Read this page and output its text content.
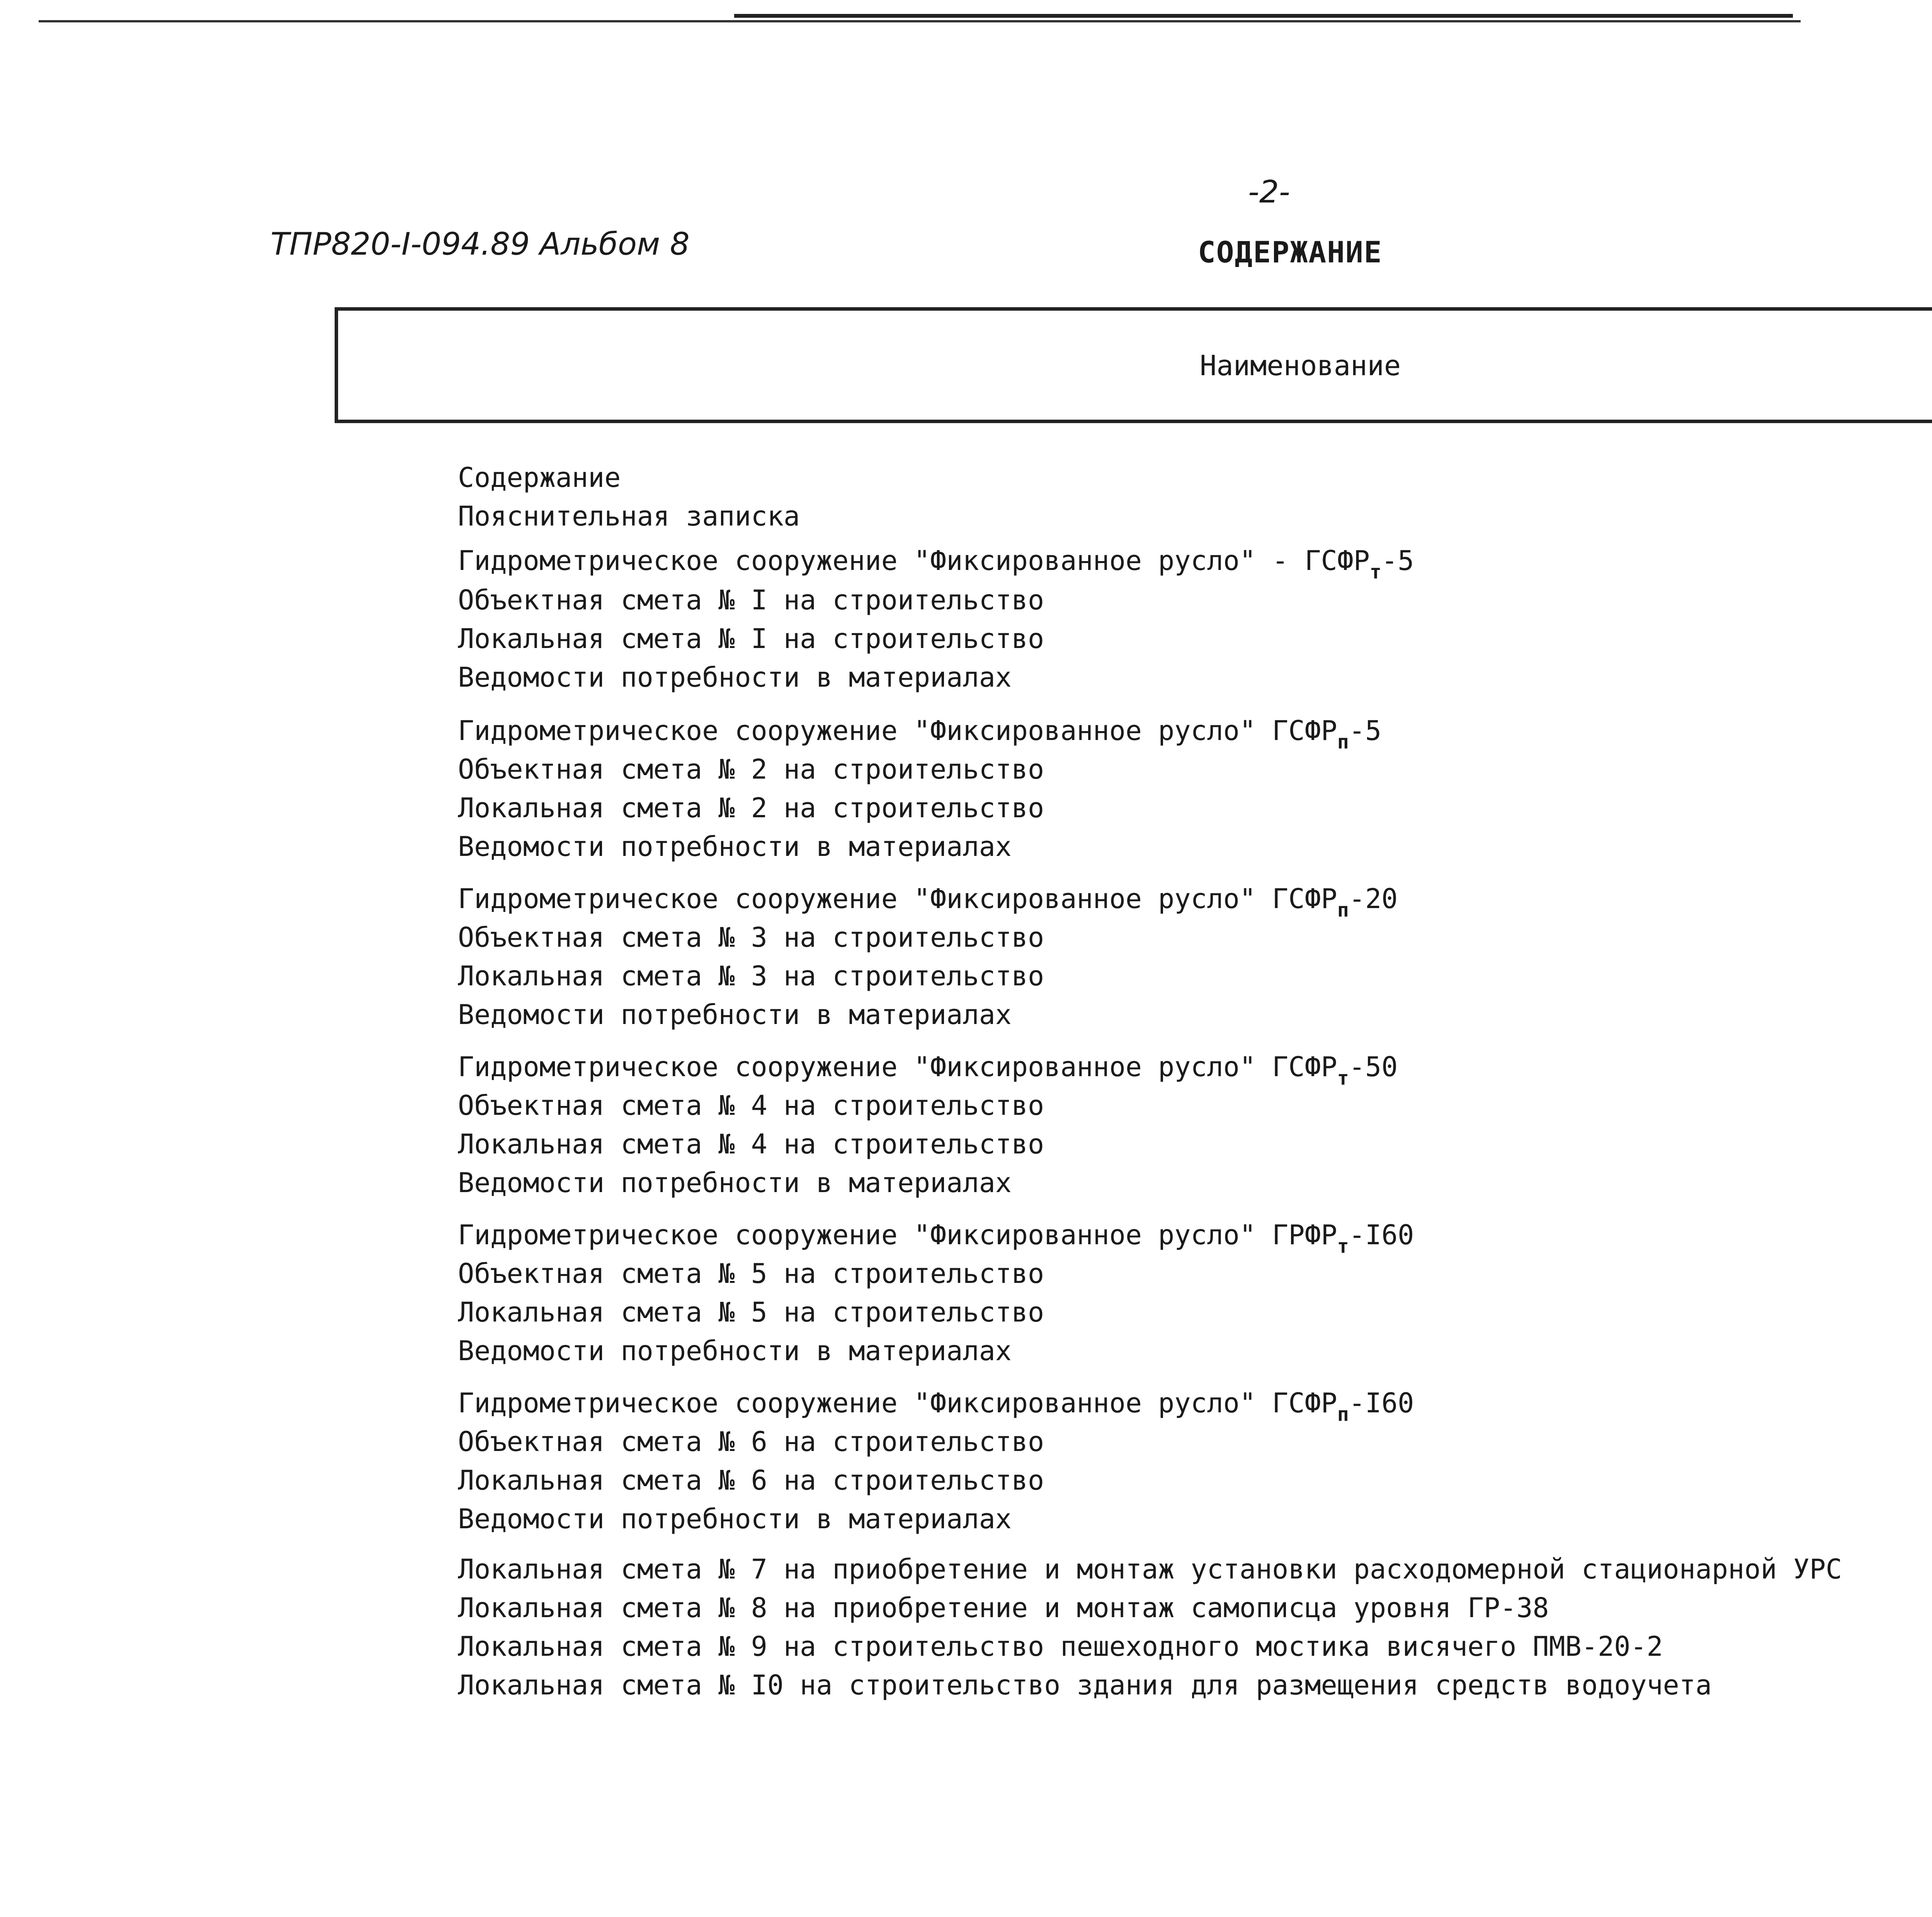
ТПР820-I-094.89 Альбом 8
-2-
СОДЕРЖАНИЕ
Наименование
Содержание
Пояснительная записка
Гидрометрическое сооружение "Фиксированное русло" - $ГСФР_т-5$
Объектная смета № I на строительство
Локальная смета № I на строительство
Ведомости потребности в материалах
Гидрометрическое сооружение "Фиксированное русло" $ГСФР_п-5$
Объектная смета № 2 на строительство
Локальная смета № 2 на строительство
Ведомости потребности в материалах
Гидрометрическое сооружение "Фиксированное русло" $ГСФР_п-20$
Объектная смета № 3 на строительство
Локальная смета № 3 на строительство
Ведомости потребности в материалах
Гидрометрическое сооружение "Фиксированное русло" $ГСФР_т-50$
Объектная смета № 4 на строительство
Локальная смета № 4 на строительство
Ведомости потребности в материалах
Гидрометрическое сооружение "Фиксированное русло" $ГРФР_т-I60$
Объектная смета № 5 на строительство
Локальная смета № 5 на строительство
Ведомости потребности в материалах
Гидрометрическое сооружение "Фиксированное русло" $ГСФР_п-I60$
Объектная смета № 6 на строительство
Локальная смета № 6 на строительство
Ведомости потребности в материалах
Локальная смета № 7 на приобретение и монтаж установки расходомерной стационарной УРС
Локальная смета № 8 на приобретение и монтаж самописца уровня ГР-38
Локальная смета № 9 на строительство пешеходного мостика висячего ПМВ-20-2
Локальная смета № I0 на строительство здания для размещения средств водоучета
